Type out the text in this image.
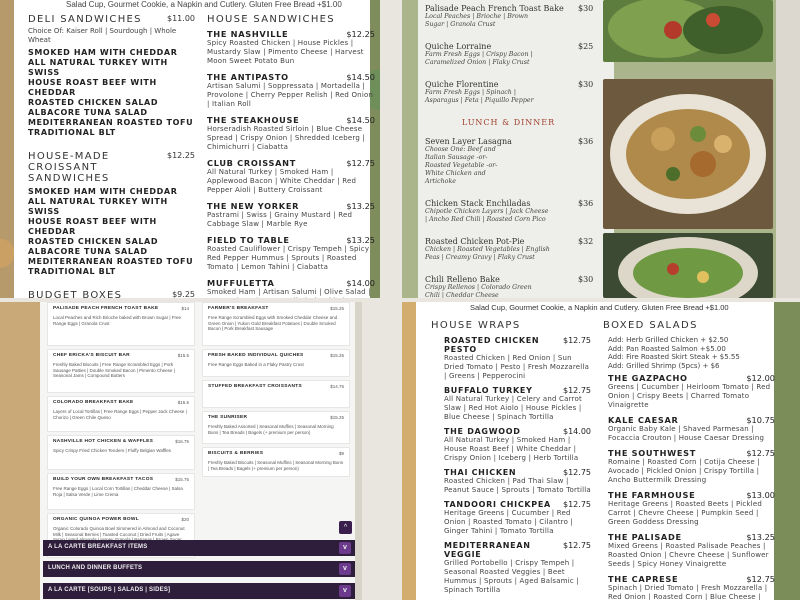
Salad Cup, Gourmet Cookie, a Napkin and Cutlery. Gluten Free Bread +$1.00
DELI SANDWICHES	$11.00
Choice Of: Kaiser Roll | Sourdough | Whole Wheat
SMOKED HAM WITH CHEDDAR
ALL NATURAL TURKEY WITH SWISS
HOUSE ROAST BEEF WITH CHEDDAR
ROASTED CHICKEN SALAD
ALBACORE TUNA SALAD
MEDITERRANEAN ROASTED TOFU
TRADITIONAL BLT
HOUSE-MADE CROISSANT SANDWICHES
$12.25
SMOKED HAM WITH CHEDDAR
ALL NATURAL TURKEY WITH SWISS
HOUSE ROAST BEEF WITH CHEDDAR
ROASTED CHICKEN SALAD
ALBACORE TUNA SALAD
MEDITERRANEAN ROASTED TOFU
TRADITIONAL BLT
BUDGET BOXES	$9.25
HOUSE SANDWICHES
THE NASHVILLE	$12.25
Spicy Roasted Chicken | House Pickles | Mustardy Slaw | Pimento Cheese | Harvest Moon Sweet Potato Bun
THE ANTIPASTO	$14.50
Artisan Salumi | Soppressata | Mortadella | Provolone | Cherry Pepper Relish | Red Onion | Italian Roll
THE STEAKHOUSE	$14.50
Horseradish Roasted Sirloin | Blue Cheese Spread | Crispy Onion | Shredded Iceberg | Chimichurri | Ciabatta
CLUB CROISSANT	$12.75
All Natural Turkey | Smoked Ham | Applewood Bacon | White Cheddar | Red Pepper Aioli | Buttery Croissant
THE NEW YORKER	$13.25
Pastrami | Swiss | Grainy Mustard | Red Cabbage Slaw | Marble Rye
FIELD TO TABLE	$13.25
Roasted Cauliflower | Crispy Tempeh | Spicy Red Pepper Hummus | Sprouts | Roasted Tomato | Lemon Tahini | Ciabatta
MUFFULETTA	$14.00
Smoked Ham | Artisan Salumi | Olive Salad |
Palisade Peach French Toast Bake $30
Local Peaches | Brioche | Brown Sugar | Granola Crust
Quiche Lorraine	$25
Farm Fresh Eggs | Crispy Bacon | Caramelized Onion | Flaky Crust
Quiche Florentine	$30
Farm Fresh Eggs | Spinach | Asparagus | Feta | Piquillo Pepper
LUNCH & DINNER
Seven Layer Lasagna	$36
Choose One: Beef and Italian Sausage -or- Roasted Vegetable -or- White Chicken and Artichoke
Chicken Stack Enchiladas	$36
Chipotle Chicken Layers | Jack Cheese | Ancho Red Chili | Roasted Corn Pico
Roasted Chicken Pot-Pie	$32
Chicken | Roasted Vegetables | English Peas | Creamy Gravy | Flaky Crust
Chili Relleno Bake	$30
Crispy Rellenos | Colorado Green Chili | Cheddar Cheese
PALISADE PEACH FRENCH TOAST BAKE	$14
Local Peaches and Rich Brioche baked with Brown Sugar | Free Range Eggs | Granola Crust
CHEF ERICKA'S BISCUIT BAR	$15.5
Freshly Baked Biscuits | Free Range Scrambled Eggs | Pork Sausage Patties | Double Smoked Bacon | Pimento Cheese | Seasonal Jams | Compound Butters
COLORADO BREAKFAST BAKE	$15.5
Layers of Local Tortillas | Free Range Eggs | Pepper Jack Cheese | Chorizo | Green Chile Queso
NASHVILLE HOT CHICKEN & WAFFLES	$16.75
Spicy Crispy Fried Chicken Tenders | Fluffy Belgian Waffles
BUILD YOUR OWN BREAKFAST TACOS	$15.75
Free Range Eggs | Local Corn Tortillas | Cheddar Cheese | Salsa Roja | Salsa Verde | Lime Crema
ORGANIC QUINOA POWER BOWL	$20
Organic Colorado Quinoa Bowl Simmered in Almond and Coconut Milk | Seasonal Berries | Toasted Coconut | Dried Fruits | Agave
FARMER'S BREAKFAST	$15.25
Free Range Scrambled Eggs with Smoked Cheddar Cheese and Green Onion | Yukon Gold Breakfast Potatoes | Double Smoked Bacon | Pork Breakfast Sausage
FRESH BAKED INDIVIDUAL QUICHES	$15.25
Free Range Eggs Baked in a Flaky Pastry Crust
STUFFED BREAKFAST CROISSANTS	$14.75
THE SUNRISER	$15.25
Freshly Baked Assorted | Seasonal Muffins | Seasonal Morning Buns | Tea Breads | Bagels (+ premium per person)
BISCUITS & BERRIES	$9
Freshly Baked Biscuits | Seasonal Muffins | Seasonal Morning Buns | Tea Breads | Bagels (+ premium per person)
^
A LA CARTE BREAKFAST ITEMS	v
LUNCH AND DINNER BUFFETS	v
A LA CARTE [SOUPS | SALADS | SIDES]	v
Salad Cup, Gourmet Cookie, a Napkin and Cutlery. Gluten Free Bread +$1.00
HOUSE WRAPS
ROASTED CHICKEN PESTO
$12.75
Roasted Chicken | Red Onion | Sun Dried Tomato | Pesto | Fresh Mozzarella | Greens | Pepperocini
BUFFALO TURKEY	$12.75
All Natural Turkey | Celery and Carrot Slaw | Red Hot Aiolo | House Pickles | Blue Cheese | Spinach Tortilla
THE DAGWOOD	$14.00
All Natural Turkey | Smoked Ham | House Roast Beef | White Cheddar | Crispy Onion | Iceberg | Herb Tortilla
THAI CHICKEN	$12.75
Roasted Chicken | Pad Thai Slaw | Peanut Sauce | Sprouts | Tomato Tortilla
TANDOORI CHICKPEA $12.75
Heritage Greens | Cucumber | Red Onion | Roasted Tomato | Cilantro | Ginger Tahini | Tomato Tortilla
MEDITERRANEAN VEGGIE
$12.75
Grilled Portobello | Crispy Tempeh | Seasonal Roasted Veggies | Beet Hummus | Sprouts | Aged Balsamic | Spinach Tortilla
BOXED SALADS
Add: Herb Grilled Chicken + $2.50
Add: Pan Roasted Salmon +$5.00
Add: Fire Roasted Skirt Steak + $5.55
Add: Grilled Shrimp (5pcs) + $6
THE GAZPACHO	$12.00
Greens | Cucumber | Heirloom Tomato | Red Onion | Crispy Beets | Charred Tomato Vinaigrette
KALE CAESAR	$10.75
Organic Baby Kale | Shaved Parmesan | Focaccia Crouton | House Caesar Dressing
THE SOUTHWEST	$12.75
Romaine | Roasted Corn | Cotija Cheese | Avocado | Pickled Onion | Crispy Tortilla | Ancho Buttermilk Dressing
THE FARMHOUSE	$13.00
Heritage Greens | Roasted Beets | Pickled Carrot | Chevre Cheese | Pumpkin Seed | Green Goddess Dressing
THE PALISADE	$13.25
Mixed Greens | Roasted Palisade Peaches | Roasted Onion | Chevre Cheese | Sunflower Seeds | Spicy Honey Vinaigrette
THE CAPRESE	$12.75
Spinach | Dried Tomato | Fresh Mozzarella | Red Onion | Roasted Corn | Blue Cheese |
